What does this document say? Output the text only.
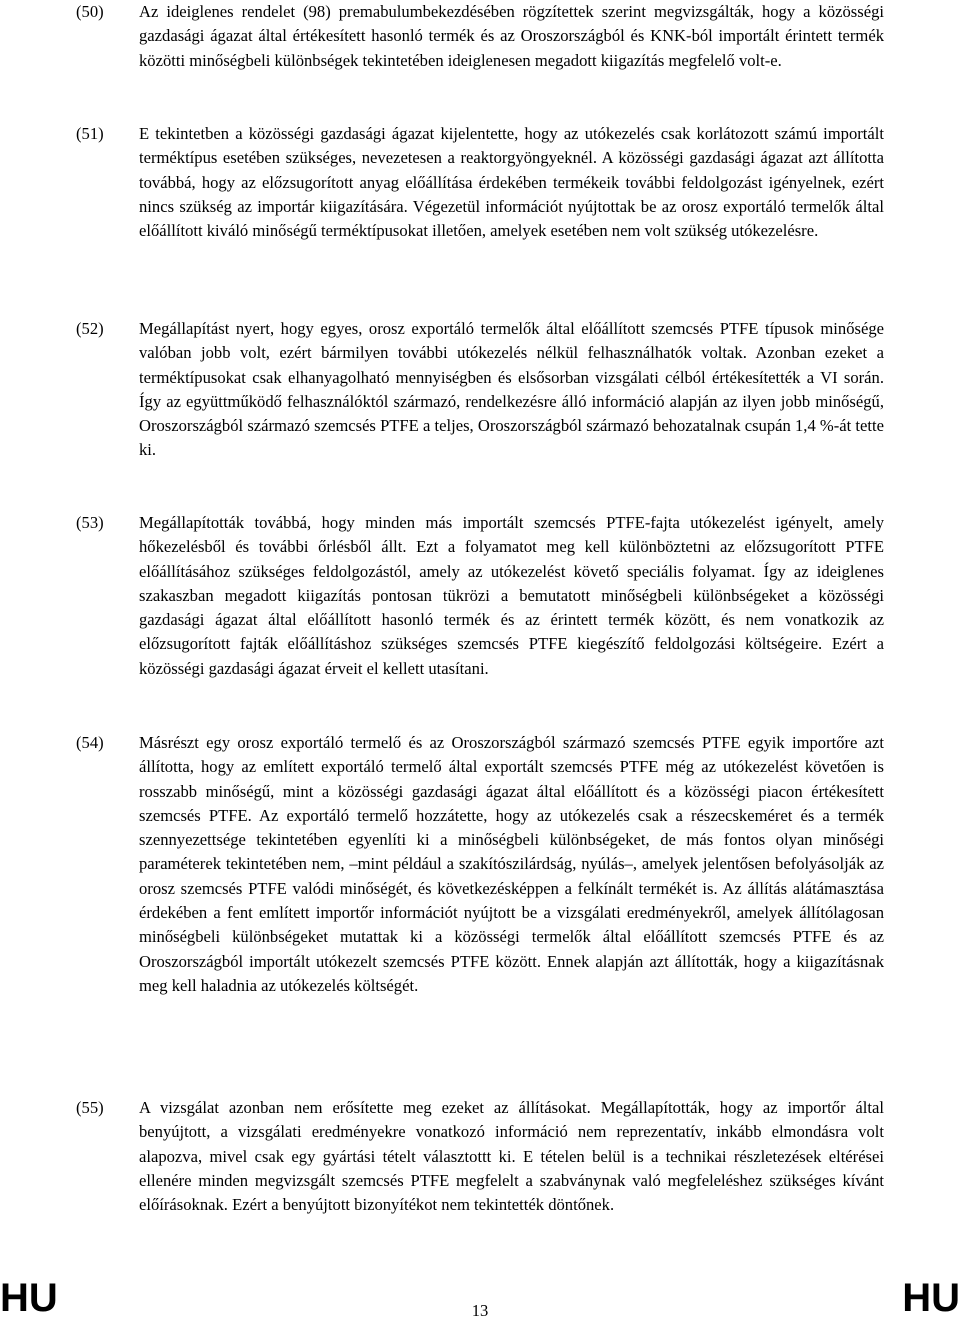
(50) Az ideiglenes rendelet (98) premabulumbekezdésében rögzítettek szerint megvizsgálták, hogy a közösségi gazdasági ágazat által értékesített hasonló termék és az Oroszországból és KNK-ból importált érintett termék közötti minőségbeli különbségek tekintetében ideiglenesen megadott kiigazítás megfelelő volt-e.
(51) E tekintetben a közösségi gazdasági ágazat kijelentette, hogy az utókezelés csak korlátozott számú importált terméktípus esetében szükséges, nevezetesen a reaktorgyöngyeknél. A közösségi gazdasági ágazat azt állította továbbá, hogy az előzsugorított anyag előállítása érdekében termékeik további feldolgozást igényelnek, ezért nincs szükség az importár kiigazítására. Végezetül információt nyújtottak be az orosz exportáló termelők által előállított kiváló minőségű terméktípusokat illetően, amelyek esetében nem volt szükség utókezelésre.
(52) Megállapítást nyert, hogy egyes, orosz exportáló termelők által előállított szemcsés PTFE típusok minősége valóban jobb volt, ezért bármilyen további utókezelés nélkül felhasználhatók voltak. Azonban ezeket a terméktípusokat csak elhanyagolható mennyiségben és elsősorban vizsgálati célból értékesítették a VI során. Így az együttműködő felhasználóktól származó, rendelkezésre álló információ alapján az ilyen jobb minőségű, Oroszországból származó szemcsés PTFE a teljes, Oroszországból származó behozatalnak csupán 1,4 %-át tette ki.
(53) Megállapították továbbá, hogy minden más importált szemcsés PTFE-fajta utókezelést igényelt, amely hőkezelésből és további őrlésből állt. Ezt a folyamatot meg kell különböztetni az előzsugorított PTFE előállításához szükséges feldolgozástól, amely az utókezelést követő speciális folyamat. Így az ideiglenes szakaszban megadott kiigazítás pontosan tükrözi a bemutatott minőségbeli különbségeket a közösségi gazdasági ágazat által előállított hasonló termék és az érintett termék között, és nem vonatkozik az előzsugorított fajták előállításhoz szükséges szemcsés PTFE kiegészítő feldolgozási költségeire. Ezért a közösségi gazdasági ágazat érveit el kellett utasítani.
(54) Másrészt egy orosz exportáló termelő és az Oroszországból származó szemcsés PTFE egyik importőre azt állította, hogy az említett exportáló termelő által exportált szemcsés PTFE még az utókezelést követően is rosszabb minőségű, mint a közösségi gazdasági ágazat által előállított és a közösségi piacon értékesített szemcsés PTFE. Az exportáló termelő hozzátette, hogy az utókezelés csak a részecskeméret és a termék szennyezettsége tekintetében egyenlíti ki a minőségbeli különbségeket, de más fontos olyan minőségi paraméterek tekintetében nem, –mint például a szakítószilárdság, nyúlás–, amelyek jelentősen befolyásolják az orosz szemcsés PTFE valódi minőségét, és következésképpen a felkínált termékét is. Az állítás alátámasztása érdekében a fent említett importőr információt nyújtott be a vizsgálati eredményekről, amelyek állítólagosan minőségbeli különbségeket mutattak ki a közösségi termelők által előállított szemcsés PTFE és az Oroszországból importált utókezelt szemcsés PTFE között. Ennek alapján azt állították, hogy a kiigazításnak meg kell haladnia az utókezelés költségét.
(55) A vizsgálat azonban nem erősítette meg ezeket az állításokat. Megállapították, hogy az importőr által benyújtott, a vizsgálati eredményekre vonatkozó információ nem reprezentatív, inkább elmondásra volt alapozva, mivel csak egy gyártási tételt választottt ki. E tételen belül is a technikai részletezések eltérései ellenére minden megvizsgált szemcsés PTFE megfelelt a szabványnak való megfeleléshez szükséges kívánt előírásoknak. Ezért a benyújtott bizonyítékot nem tekintették döntőnek.
HU	13	HU
